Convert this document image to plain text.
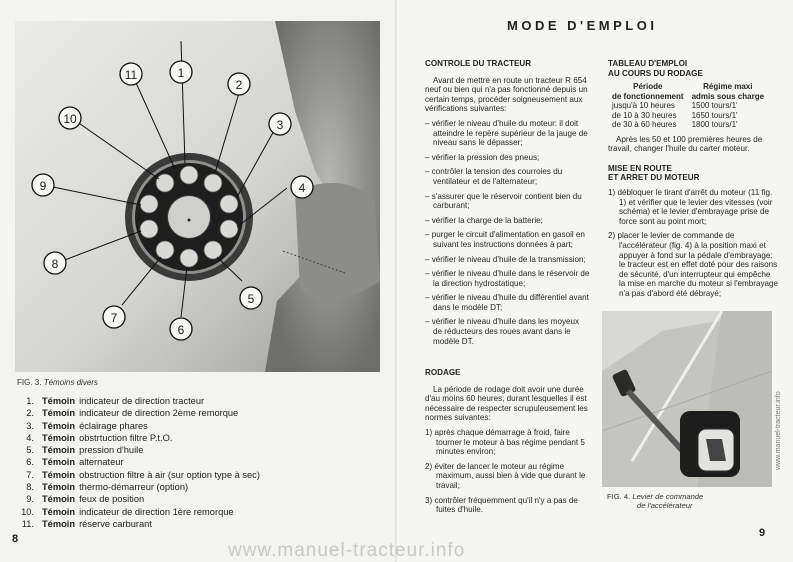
●
11	1
2
3
4
5
6
7
8
9
10
FIG. 3. Témoins divers
1. Témoin indicateur de direction tracteur
2. Témoin indicateur de direction 2ème remorque
3. Témoin éclairage phares
4. Témoin obstrtuction filtre P.t.O.
5. Témoin pression d'huile
6. Témoin alternateur
7. Témoin obstruction filtre à air (sur option type à sec)
8. Témoin thermo-démarreur (option)
9. Témoin feux de position
10. Témoin indicateur de direction 1ère remorque
11. Témoin réserve carburant
8
MODE D'EMPLOI
CONTROLE DU TRACTEUR

Avant de mettre en route un tracteur R 654 neuf ou bien qui n'a pas fonctionné depuis un certain temps, procéder soigneusement aux vérifications suivantes:

– vérifier le niveau d'huile du moteur: il doit atteindre le repère supérieur de la jauge de niveau sans le dépasser;
– vérifier la pression des pneus;
– contrôler la tension des courroies du ventilateur et de l'alternateur;
– s'assurer que le réservoir contient bien du carburant;
– vérifier la charge de la batterie;
– purger le circuit d'alimentation en gasoil en suivant les instructions données à part;
– vérifier le niveau d'huile de la transmission;
– vérifier le niveau d'huile dans le réservoir de la direction hydrostatique;
– vérifier le niveau d'huile du différentiel avant dans le modèle DT;
– vérifier le niveau d'huile dans les moyeux de réducteurs des roues avant dans le modèle DT.
RODAGE

La période de rodage doit avoir une durée d'au moins 60 heures, durant lesquelles il est nécessaire de respecter scrupuleusement les normes suivantes:

1) après chaque démarrage à froid, faire tourner le moteur à bas régime pendant 5 minutes environ;
2) éviter de lancer le moteur au régime maximum, aussi bien à vide que durant le travail;
3) contrôler fréquemment qu'il n'y a pas de fuites d'huile.
TABLEAU D'EMPLOI
AU COURS DU RODAGE
Période	Régime maxi
de fonctionnement	admis sous charge
jusqu'à 10 heures	1500 tours/1'
de 10 à 30 heures	1650 tours/1'
de 30 à 60 heures	1800 tours/1'

Après les 50 et 100 premières heures de travail, changer l'huile du carter moteur.

MISE EN ROUTE
ET ARRET DU MOTEUR
1) débloquer le tirant d'arrêt du moteur (11 fig. 1) et vérifier que le levier des vitesses (voir schéma) et le levier d'embrayage prise de force sont au point mort;
2) placer le levier de commande de l'accélérateur (fig. 4) à la position maxi et appuyer à fond sur la pédale d'embrayage: le tracteur est en effet doté pour des raisons de sécurité, d'un interrupteur qui empêche la mise en marche du moteur si l'embrayage n'a pas d'abord été débrayé;
FIG. 4. Levier de commande
de l'accélérateur
9
www.manuel-tracteur.info
www.manuel-tracteur.info
